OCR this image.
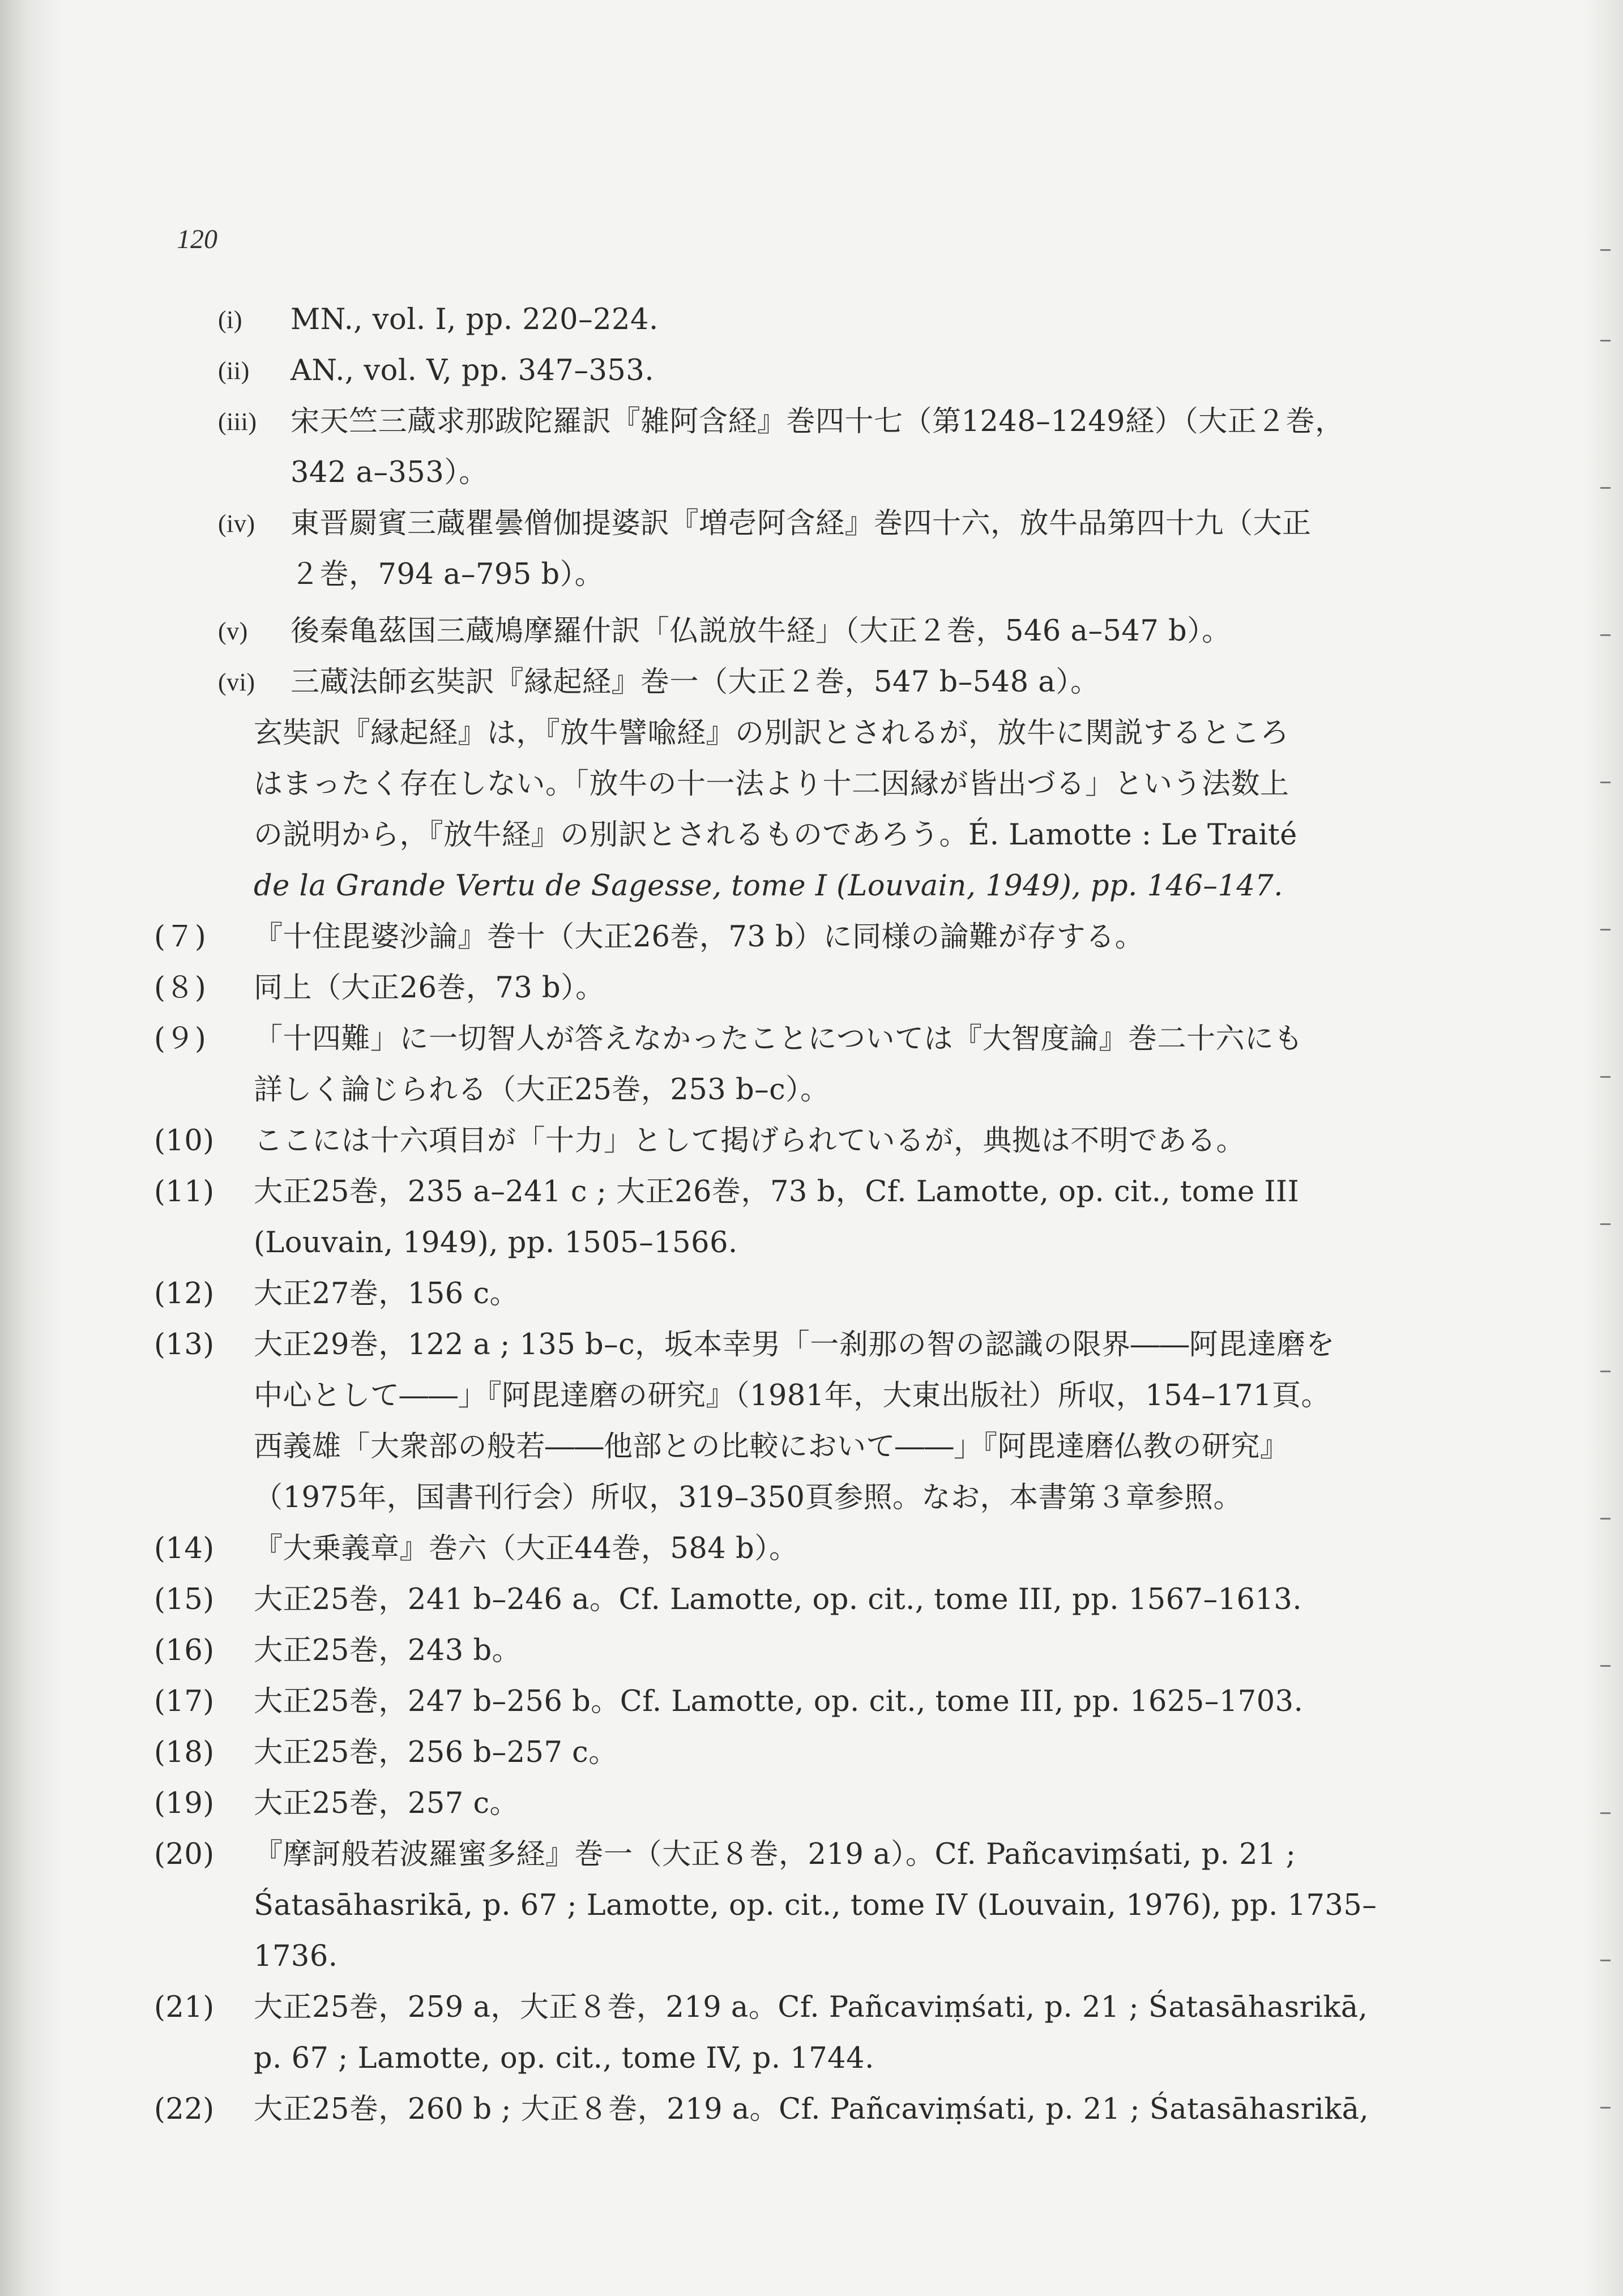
120
(i) MN., vol. I, pp. 220–224.
(ii) AN., vol. V, pp. 347–353.
(iii) 宋天竺三蔵求那跋陀羅訳『雑阿含経』巻四十七（第1248–1249経）（大正２巻，
342 a–353）。
(iv) 東晋罽賓三蔵瞿曇僧伽提婆訳『増壱阿含経』巻四十六，放牛品第四十九（大正
２巻，794 a–795 b）。
(v) 後秦亀茲国三蔵鳩摩羅什訳「仏説放牛経」（大正２巻，546 a–547 b）。
(vi) 三蔵法師玄奘訳『縁起経』巻一（大正２巻，547 b–548 a）。
玄奘訳『縁起経』は，『放牛譬喩経』の別訳とされるが，放牛に関説するところ
はまったく存在しない。「放牛の十一法より十二因縁が皆出づる」という法数上
の説明から，『放牛経』の別訳とされるものであろう。É. Lamotte : Le Traité
de la Grande Vertu de Sagesse, tome I (Louvain, 1949), pp. 146–147.
(７) 『十住毘婆沙論』巻十（大正26巻，73 b）に同様の論難が存する。
(８) 同上（大正26巻，73 b）。
(９) 「十四難」に一切智人が答えなかったことについては『大智度論』巻二十六にも
詳しく論じられる（大正25巻，253 b–c）。
(10) ここには十六項目が「十力」として掲げられているが，典拠は不明である。
(11) 大正25巻，235 a–241 c ; 大正26巻，73 b，Cf. Lamotte, op. cit., tome III
(Louvain, 1949), pp. 1505–1566.
(12) 大正27巻，156 c。
(13) 大正29巻，122 a ; 135 b–c，坂本幸男「一刹那の智の認識の限界――阿毘達磨を
中心として――」『阿毘達磨の研究』（1981年，大東出版社）所収，154–171頁。
西義雄「大衆部の般若――他部との比較において――」『阿毘達磨仏教の研究』
（1975年，国書刊行会）所収，319–350頁参照。なお，本書第３章参照。
(14) 『大乗義章』巻六（大正44巻，584 b）。
(15) 大正25巻，241 b–246 a。Cf. Lamotte, op. cit., tome III, pp. 1567–1613.
(16) 大正25巻，243 b。
(17) 大正25巻，247 b–256 b。Cf. Lamotte, op. cit., tome III, pp. 1625–1703.
(18) 大正25巻，256 b–257 c。
(19) 大正25巻，257 c。
(20) 『摩訶般若波羅蜜多経』巻一（大正８巻，219 a）。Cf. Pañcaviṃśati, p. 21 ;
Śatasāhasrikā, p. 67 ; Lamotte, op. cit., tome IV (Louvain, 1976), pp. 1735–
1736.
(21) 大正25巻，259 a，大正８巻，219 a。Cf. Pañcaviṃśati, p. 21 ; Śatasāhasrikā,
p. 67 ; Lamotte, op. cit., tome IV, p. 1744.
(22) 大正25巻，260 b ; 大正８巻，219 a。Cf. Pañcaviṃśati, p. 21 ; Śatasāhasrikā,
